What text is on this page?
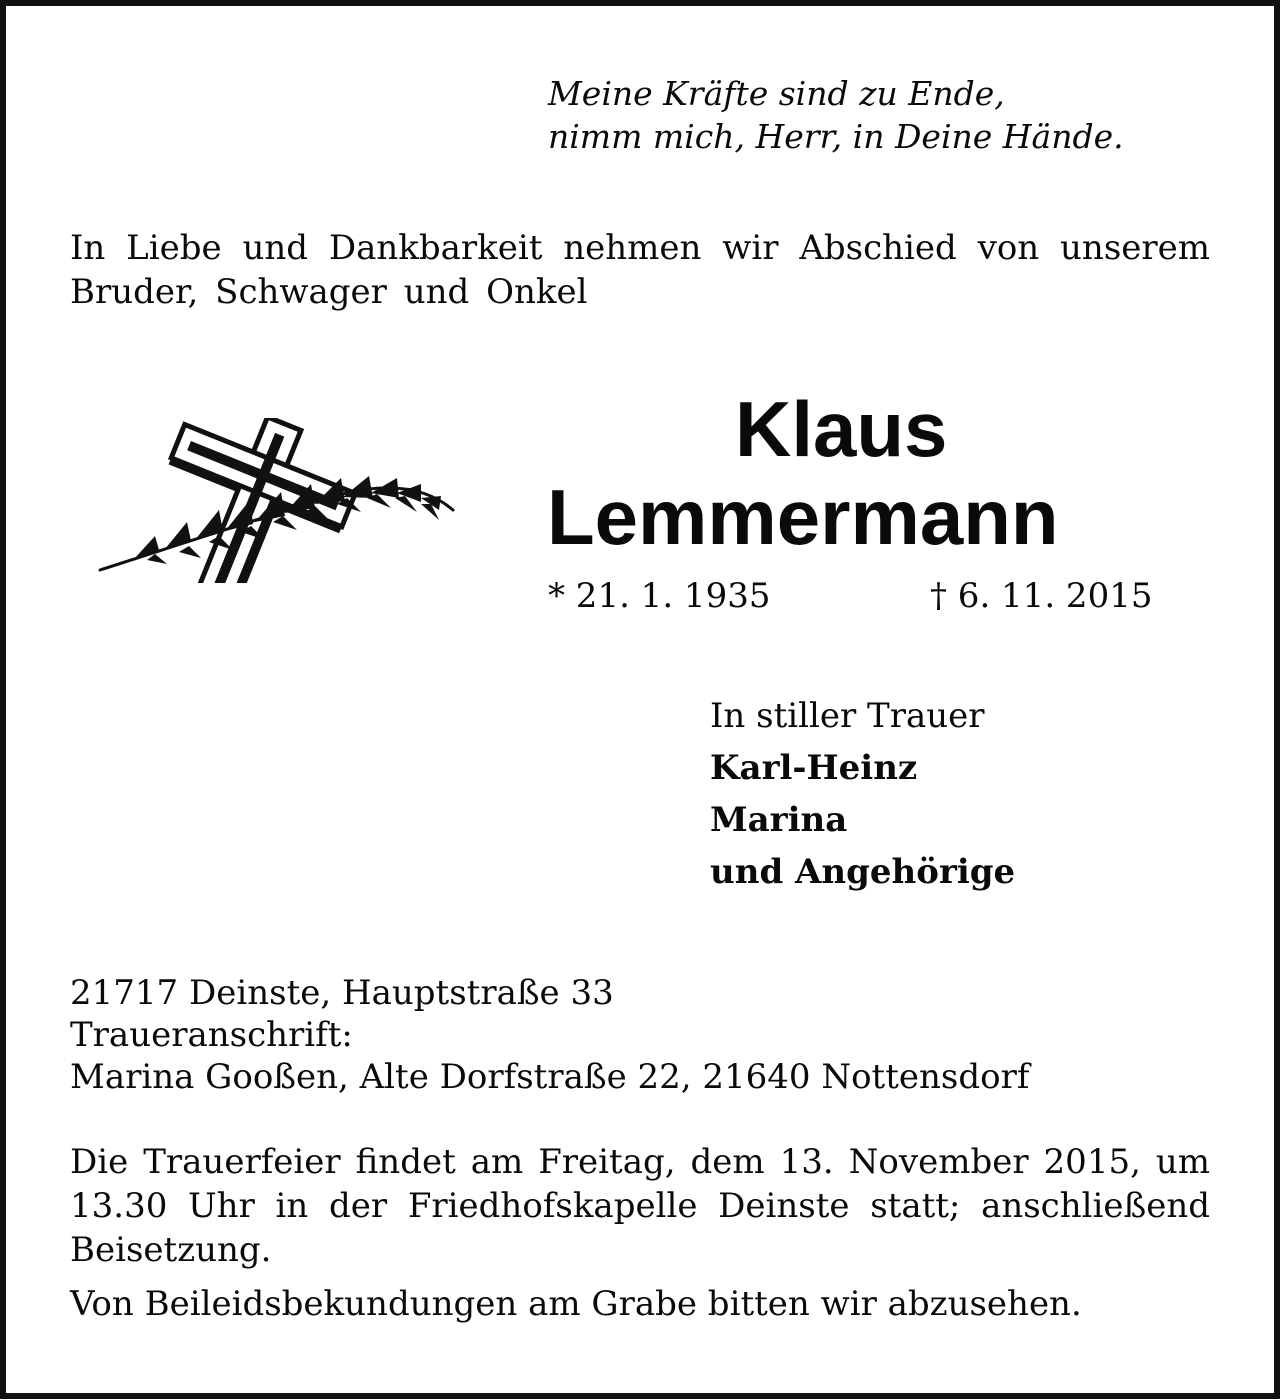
Meine Kräfte sind zu Ende,
nimm mich, Herr, in Deine Hände.
In Liebe und Dankbarkeit nehmen wir Abschied von unserem Bruder, Schwager und Onkel
Klaus
Lemmermann
* 21. 1. 1935	† 6. 11. 2015
In stiller Trauer
Karl-Heinz
Marina
und Angehörige
21717 Deinste, Hauptstraße 33
Traueranschrift:
Marina Gooßen, Alte Dorfstraße 22, 21640 Nottensdorf
Die Trauerfeier findet am Freitag, dem 13. November 2015, um 13.30 Uhr in der Friedhofskapelle Deinste statt; anschließend Beisetzung.
Von Beileidsbekundungen am Grabe bitten wir abzusehen.
